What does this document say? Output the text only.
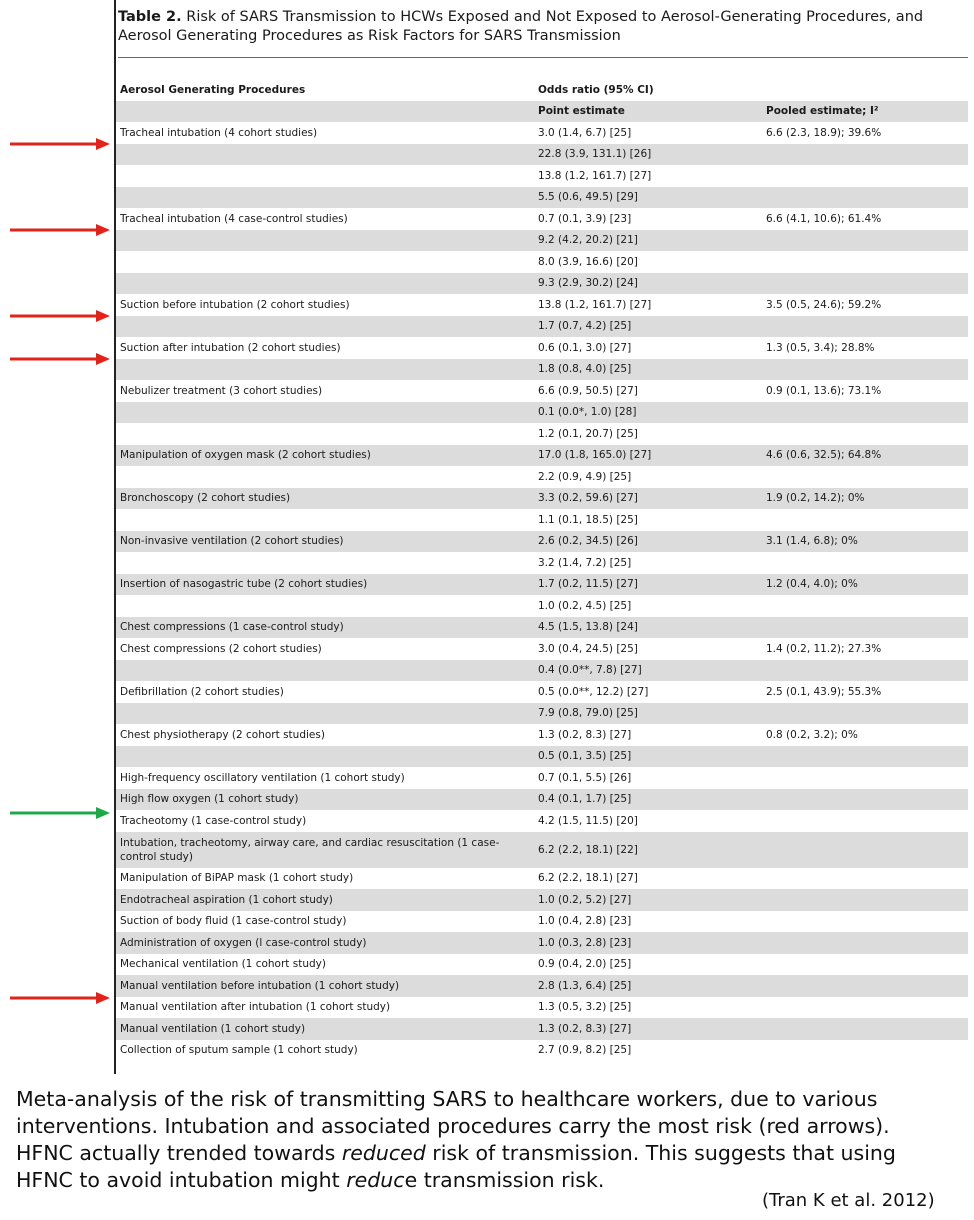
Table 2. Risk of SARS Transmission to HCWs Exposed and Not Exposed to Aerosol-Generating Procedures, and Aerosol Generating Procedures as Risk Factors for SARS Transmission
Aerosol Generating Procedures	Odds ratio (95% CI)	
	Point estimate	Pooled estimate; I²
Tracheal intubation (4 cohort studies)	3.0 (1.4, 6.7) [25]	6.6 (2.3, 18.9); 39.6%
	22.8 (3.9, 131.1) [26]	
	13.8 (1.2, 161.7) [27]	
	5.5 (0.6, 49.5) [29]	
Tracheal intubation (4 case-control studies)	0.7 (0.1, 3.9) [23]	6.6 (4.1, 10.6); 61.4%
	9.2 (4.2, 20.2) [21]	
	8.0 (3.9, 16.6) [20]	
	9.3 (2.9, 30.2) [24]	
Suction before intubation (2 cohort studies)	13.8 (1.2, 161.7) [27]	3.5 (0.5, 24.6); 59.2%
	1.7 (0.7, 4.2) [25]	
Suction after intubation (2 cohort studies)	0.6 (0.1, 3.0) [27]	1.3 (0.5, 3.4); 28.8%
	1.8 (0.8, 4.0) [25]	
Nebulizer treatment (3 cohort studies)	6.6 (0.9, 50.5) [27]	0.9 (0.1, 13.6); 73.1%
	0.1 (0.0*, 1.0) [28]	
	1.2 (0.1, 20.7) [25]	
Manipulation of oxygen mask (2 cohort studies)	17.0 (1.8, 165.0) [27]	4.6 (0.6, 32.5); 64.8%
	2.2 (0.9, 4.9) [25]	
Bronchoscopy (2 cohort studies)	3.3 (0.2, 59.6) [27]	1.9 (0.2, 14.2); 0%
	1.1 (0.1, 18.5) [25]	
Non-invasive ventilation (2 cohort studies)	2.6 (0.2, 34.5) [26]	3.1 (1.4, 6.8); 0%
	3.2 (1.4, 7.2) [25]	
Insertion of nasogastric tube (2 cohort studies)	1.7 (0.2, 11.5) [27]	1.2 (0.4, 4.0); 0%
	1.0 (0.2, 4.5) [25]	
Chest compressions (1 case-control study)	4.5 (1.5, 13.8) [24]	
Chest compressions (2 cohort studies)	3.0 (0.4, 24.5) [25]	1.4 (0.2, 11.2); 27.3%
	0.4 (0.0**, 7.8) [27]	
Defibrillation (2 cohort studies)	0.5 (0.0**, 12.2) [27]	2.5 (0.1, 43.9); 55.3%
	7.9 (0.8, 79.0) [25]	
Chest physiotherapy (2 cohort studies)	1.3 (0.2, 8.3) [27]	0.8 (0.2, 3.2); 0%
	0.5 (0.1, 3.5) [25]	
High-frequency oscillatory ventilation (1 cohort study)	0.7 (0.1, 5.5) [26]	
High flow oxygen (1 cohort study)	0.4 (0.1, 1.7) [25]	
Tracheotomy (1 case-control study)	4.2 (1.5, 11.5) [20]	
Intubation, tracheotomy, airway care, and cardiac resuscitation (1 case-control study)	6.2 (2.2, 18.1) [22]	
Manipulation of BiPAP mask (1 cohort study)	6.2 (2.2, 18.1) [27]	
Endotracheal aspiration (1 cohort study)	1.0 (0.2, 5.2) [27]	
Suction of body fluid (1 case-control study)	1.0 (0.4, 2.8) [23]	
Administration of oxygen (l case-control study)	1.0 (0.3, 2.8) [23]	
Mechanical ventilation (1 cohort study)	0.9 (0.4, 2.0) [25]	
Manual ventilation before intubation (1 cohort study)	2.8 (1.3, 6.4) [25]	
Manual ventilation after intubation (1 cohort study)	1.3 (0.5, 3.2) [25]	
Manual ventilation (1 cohort study)	1.3 (0.2, 8.3) [27]	
Collection of sputum sample (1 cohort study)	2.7 (0.9, 8.2) [25]	
Meta-analysis of the risk of transmitting SARS to healthcare workers, due to various
interventions. Intubation and associated procedures carry the most risk (red arrows).
HFNC actually trended towards reduced risk of transmission. This suggests that using
HFNC to avoid intubation might reduce transmission risk.
(Tran K et al. 2012)
